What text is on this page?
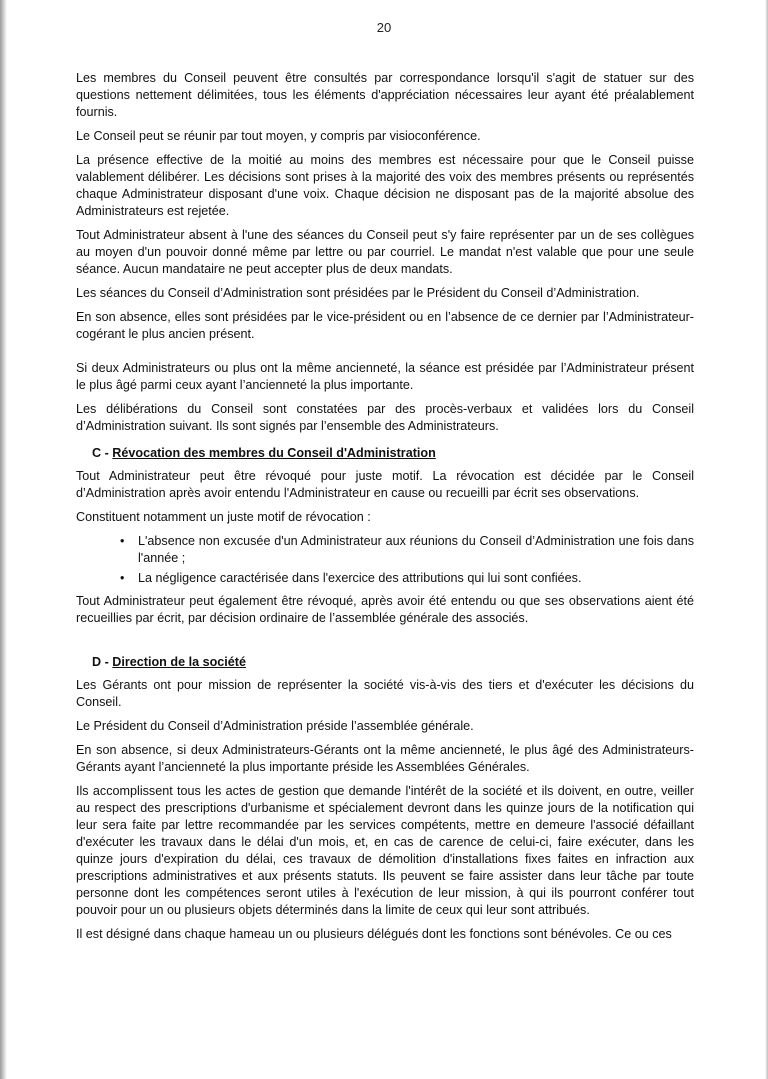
20

Les membres du Conseil peuvent être consultés par correspondance lorsqu'il s'agit de statuer sur des questions nettement délimitées, tous les éléments d'appréciation nécessaires leur ayant été préalablement fournis.

Le Conseil peut se réunir par tout moyen, y compris par visioconférence.

La présence effective de la moitié au moins des membres est nécessaire pour que le Conseil puisse valablement délibérer. Les décisions sont prises à la majorité des voix des membres présents ou représentés chaque Administrateur disposant d'une voix. Chaque décision ne disposant pas de la majorité absolue des Administrateurs est rejetée.

Tout Administrateur absent à l'une des séances du Conseil peut s'y faire représenter par un de ses collègues au moyen d'un pouvoir donné même par lettre ou par courriel. Le mandat n'est valable que pour une seule séance. Aucun mandataire ne peut accepter plus de deux mandats.

Les séances du Conseil d’Administration sont présidées par le Président du Conseil d’Administration.

En son absence, elles sont présidées par le vice-président ou en l’absence de ce dernier par l’Administrateur-cogérant le plus ancien présent.

Si deux Administrateurs ou plus ont la même ancienneté, la séance est présidée par l’Administrateur présent le plus âgé parmi ceux ayant l’ancienneté la plus importante.

Les délibérations du Conseil sont constatées par des procès-verbaux et validées lors du Conseil d’Administration suivant. Ils sont signés par l’ensemble des Administrateurs.

C - Révocation des membres du Conseil d'Administration

Tout Administrateur peut être révoqué pour juste motif. La révocation est décidée par le Conseil d’Administration après avoir entendu l'Administrateur en cause ou recueilli par écrit ses observations.

Constituent notamment un juste motif de révocation :

• L'absence non excusée d'un Administrateur aux réunions du Conseil d’Administration une fois dans l'année ;
• La négligence caractérisée dans l'exercice des attributions qui lui sont confiées.

Tout Administrateur peut également être révoqué, après avoir été entendu ou que ses observations aient été recueillies par écrit, par décision ordinaire de l’assemblée générale des associés.

D - Direction de la société

Les Gérants ont pour mission de représenter la société vis-à-vis des tiers et d'exécuter les décisions du Conseil.

Le Président du Conseil d’Administration préside l’assemblée générale.

En son absence, si deux Administrateurs-Gérants ont la même ancienneté, le plus âgé des Administrateurs-Gérants ayant l’ancienneté la plus importante préside les Assemblées Générales.

Ils accomplissent tous les actes de gestion que demande l'intérêt de la société et ils doivent, en outre, veiller au respect des prescriptions d'urbanisme et spécialement devront dans les quinze jours de la notification qui leur sera faite par lettre recommandée par les services compétents, mettre en demeure l'associé défaillant d'exécuter les travaux dans le délai d'un mois, et, en cas de carence de celui-ci, faire exécuter, dans les quinze jours d'expiration du délai, ces travaux de démolition d'installations fixes faites en infraction aux prescriptions administratives et aux présents statuts. Ils peuvent se faire assister dans leur tâche par toute personne dont les compétences seront utiles à l'exécution de leur mission, à qui ils pourront conférer tout pouvoir pour un ou plusieurs objets déterminés dans la limite de ceux qui leur sont attribués.

Il est désigné dans chaque hameau un ou plusieurs délégués dont les fonctions sont bénévoles. Ce ou ces
